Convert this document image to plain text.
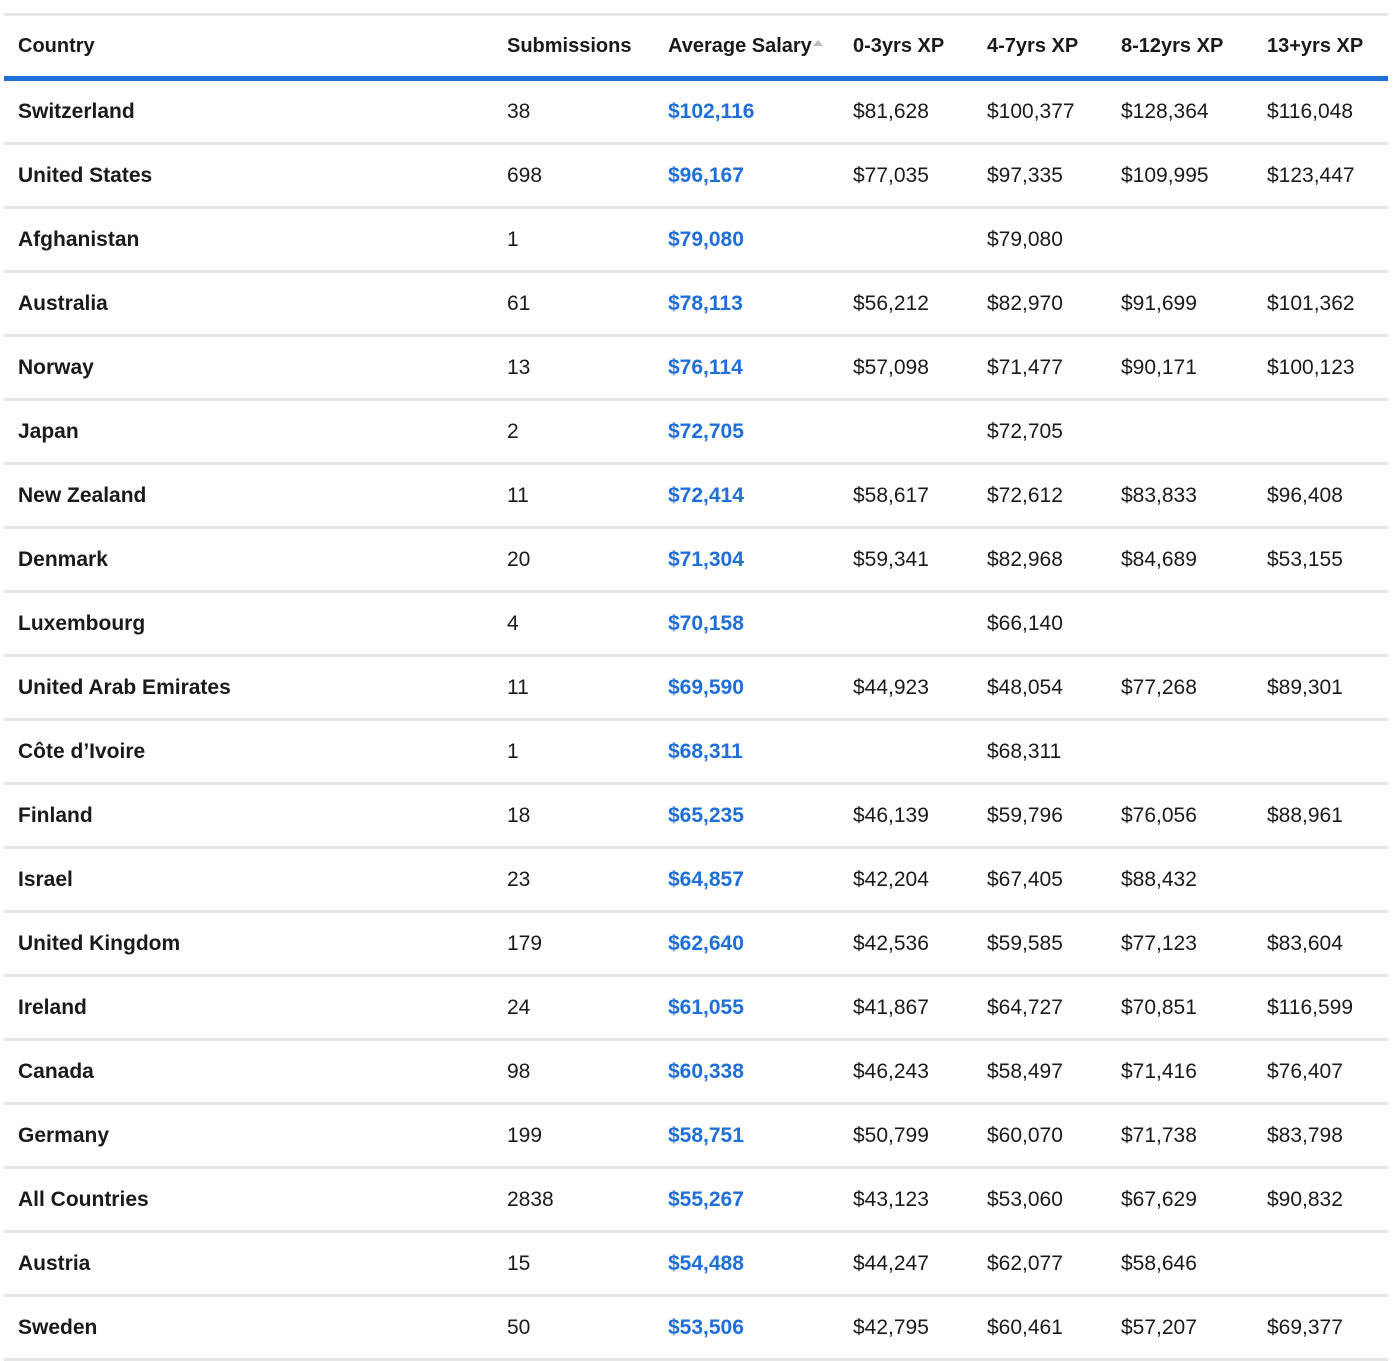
Country	Submissions	Average Salary	0-3yrs XP	4-7yrs XP	8-12yrs XP	13+yrs XP
Switzerland	38	$102,116	$81,628	$100,377	$128,364	$116,048
United States	698	$96,167	$77,035	$97,335	$109,995	$123,447
Afghanistan	1	$79,080		$79,080		
Australia	61	$78,113	$56,212	$82,970	$91,699	$101,362
Norway	13	$76,114	$57,098	$71,477	$90,171	$100,123
Japan	2	$72,705		$72,705		
New Zealand	11	$72,414	$58,617	$72,612	$83,833	$96,408
Denmark	20	$71,304	$59,341	$82,968	$84,689	$53,155
Luxembourg	4	$70,158		$66,140		
United Arab Emirates	11	$69,590	$44,923	$48,054	$77,268	$89,301
Côte d’Ivoire	1	$68,311		$68,311		
Finland	18	$65,235	$46,139	$59,796	$76,056	$88,961
Israel	23	$64,857	$42,204	$67,405	$88,432	
United Kingdom	179	$62,640	$42,536	$59,585	$77,123	$83,604
Ireland	24	$61,055	$41,867	$64,727	$70,851	$116,599
Canada	98	$60,338	$46,243	$58,497	$71,416	$76,407
Germany	199	$58,751	$50,799	$60,070	$71,738	$83,798
All Countries	2838	$55,267	$43,123	$53,060	$67,629	$90,832
Austria	15	$54,488	$44,247	$62,077	$58,646	
Sweden	50	$53,506	$42,795	$60,461	$57,207	$69,377
